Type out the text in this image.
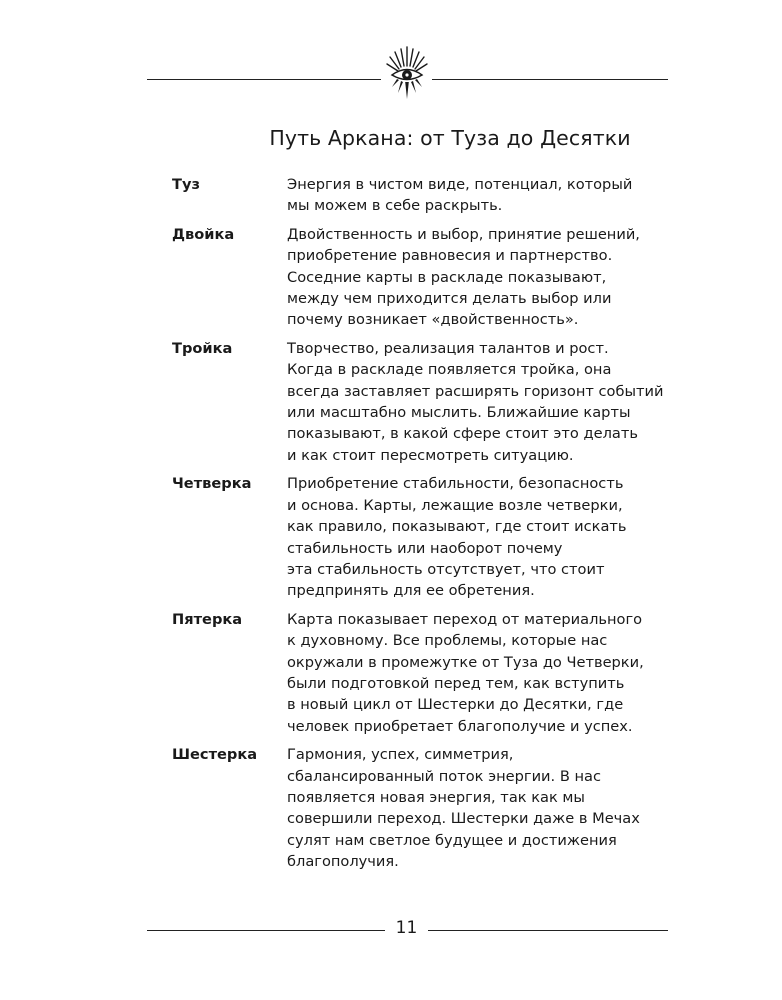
Путь Аркана: от Туза до Десятки
Туз	Энергия в чистом виде, потенциал, который
мы можем в себе раскрыть.
Двойка	Двойственность и выбор, принятие решений,
приобретение равновесия и партнерство.
Соседние карты в раскладе показывают,
между чем приходится делать выбор или
почему возникает «двойственность».
Тройка	Творчество, реализация талантов и рост.
Когда в раскладе появляется тройка, она
всегда заставляет расширять горизонт событий
или масштабно мыслить. Ближайшие карты
показывают, в какой сфере стоит это делать
и как стоит пересмотреть ситуацию.
Четверка	Приобретение стабильности, безопасность
и основа. Карты, лежащие возле четверки,
как правило, показывают, где стоит искать
стабильность или наоборот почему
эта стабильность отсутствует, что стоит
предпринять для ее обретения.
Пятерка	Карта показывает переход от материального
к духовному. Все проблемы, которые нас
окружали в промежутке от Туза до Четверки,
были подготовкой перед тем, как вступить
в новый цикл от Шестерки до Десятки, где
человек приобретает благополучие и успех.
Шестерка	Гармония, успех, симметрия,
сбалансированный поток энергии. В нас
появляется новая энергия, так как мы
совершили переход. Шестерки даже в Мечах
сулят нам светлое будущее и достижения
благополучия.
11
